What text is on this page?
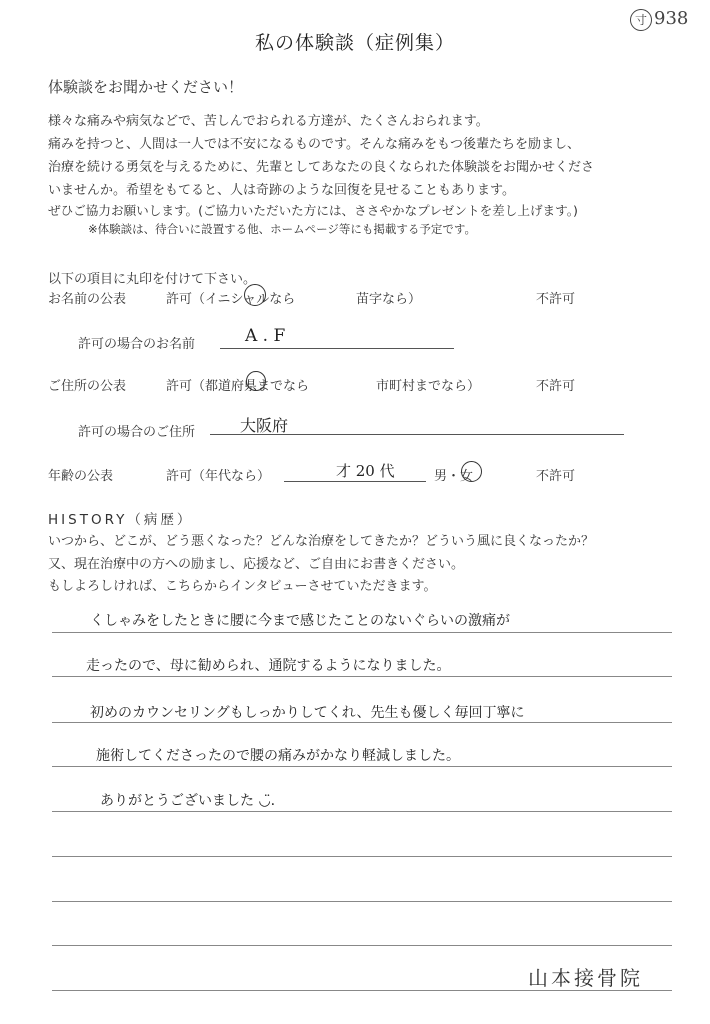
私の体験談（症例集）
寸 938
体験談をお聞かせください！
様々な痛みや病気などで、苦しんでおられる方達が、たくさんおられます。
痛みを持つと、人間は一人では不安になるものです。そんな痛みをもつ後輩たちを励まし、
治療を続ける勇気を与えるために、先輩としてあなたの良くなられた体験談をお聞かせくださ
いませんか。希望をもてると、人は奇跡のような回復を見せることもあります。
ぜひご協力お願いします。(ご協力いただいた方には、ささやかなプレゼントを差し上げます。)
※体験談は、待合いに設置する他、ホームページ等にも掲載する予定です。
以下の項目に丸印を付けて下さい。
お名前の公表	許可（イニシャルなら	苗字なら）	不許可
許可の場合のお名前	A . F
ご住所の公表	許可（都道府県までなら	市町村までなら）	不許可
許可の場合のご住所	大阪府
年齢の公表	許可（年代なら）	才 20 代	男・女	不許可
HISTORY（病歴）
いつから、どこが、どう悪くなった？どんな治療をしてきたか？どういう風に良くなったか？
又、現在治療中の方への励まし、応援など、ご自由にお書きください。
もしよろしければ、こちらからインタビューさせていただきます。
くしゃみをしたときに腰に今まで感じたことのないぐらいの激痛が
走ったので、母に勧められ、通院するようになりました。
初めのカウンセリングもしっかりしてくれ、先生も優しく毎回丁寧に
施術してくださったので腰の痛みがかなり軽減しました。
ありがとうございました ◡̈.
山本接骨院
